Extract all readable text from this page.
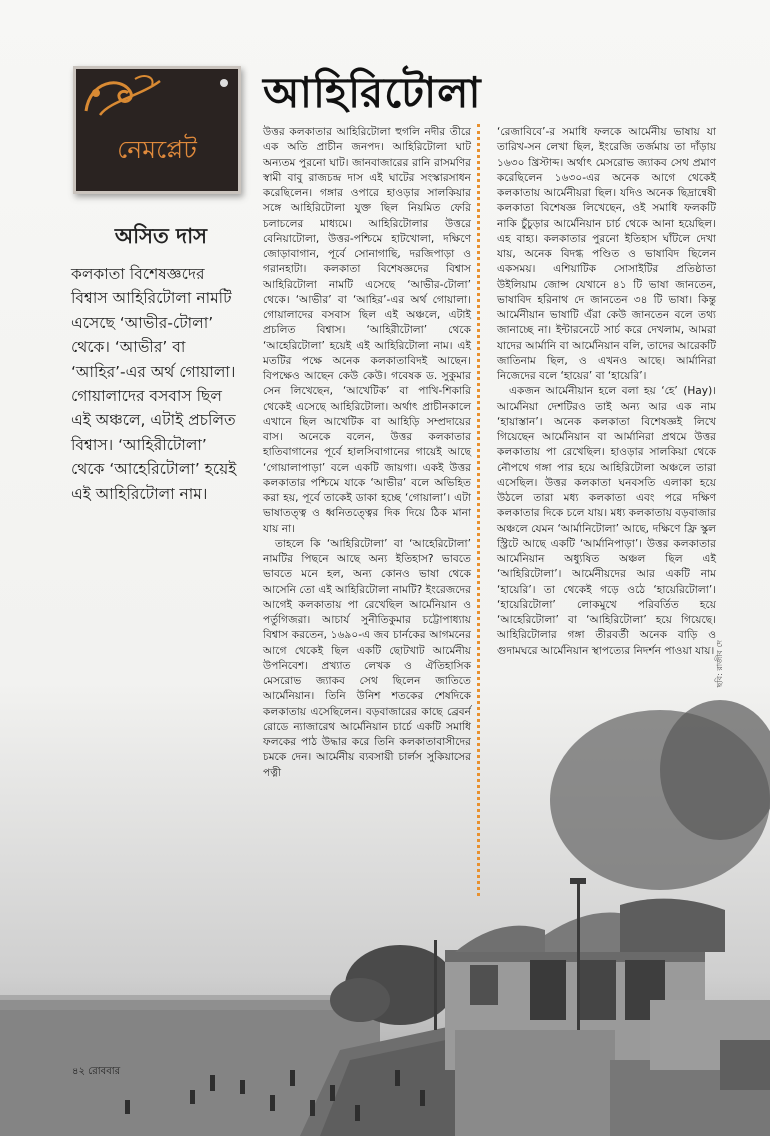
নেমপ্লেট
অসিত দাস
আহিরিটোলা
কলকাতা বিশেষজ্ঞদের বিশ্বাস আহিরিটোলা নামটি এসেছে ‘আভীর-টোলা’ থেকে। ‘আভীর’ বা ‘আহির’-এর অর্থ গোয়ালা। গোয়ালাদের বসবাস ছিল এই অঞ্চলে, এটাই প্রচলিত বিশ্বাস। ‘আহিরীটোলা’ থেকে ‘আহেরিটোলা’ হয়েই এই আহিরিটোলা নাম।

উত্তর কলকাতার আহিরিটোলা হুগলি নদীর তীরে এক অতি প্রাচীন জনপদ। আহিরিটোলা ঘাট অন্যতম পুরনো ঘাট। জানবাজারের রানি রাসমণির স্বামী বাবু রাজচন্দ্র দাস এই ঘাটের সংস্কারসাধন করেছিলেন। গঙ্গার ওপারে হাওড়ার সালকিয়ার সঙ্গে আহিরিটোলা যুক্ত ছিল নিয়মিত ফেরি চলাচলের মাধ্যমে। আহিরিটোলার উত্তরে বেনিয়াটোলা, উত্তর-পশ্চিমে হাটখোলা, দক্ষিণে জোড়াবাগান, পূর্বে সোনাগাছি, দরজিপাড়া ও গরানহাটা। কলকাতা বিশেষজ্ঞদের বিশ্বাস আহিরিটোলা নামটি এসেছে ‘আভীর-টোলা’ থেকে। ‘আভীর’ বা ‘আহির’-এর অর্থ গোয়ালা। গোয়ালাদের বসবাস ছিল এই অঞ্চলে, এটাই প্রচলিত বিশ্বাস। ‘আহিরীটোলা’ থেকে ‘আহেরিটোলা’ হয়েই এই আহিরিটোলা নাম। এই মতটির পক্ষে অনেক কলকাতাবিদই আছেন। বিপক্ষেও আছেন কেউ কেউ। গবেষক ড. সুকুমার সেন লিখেছেন, ‘আখেটিক’ বা পাখি-শিকারি থেকেই এসেছে আহিরিটোলা। অর্থাৎ প্রাচীনকালে এখানে ছিল আখেটিক বা আহিড়ি সম্প্রদায়ের বাস। অনেকে বলেন, উত্তর কলকাতার হাতিবাগানের পূর্বে হালসিবাগানের গায়েই আছে ‘গোয়ালাপাড়া’ বলে একটি জায়গা। একই উত্তর কলকাতার পশ্চিমে যাকে ‘আভীর’ বলে অভিহিত করা হয়, পূর্বে তাকেই ডাকা হচ্ছে ‘গোয়ালা’। এটা ভাষাতত্ত্ব ও ধ্বনিতত্ত্বের দিক দিয়ে ঠিক মানা যায় না।

তাহলে কি ‘আহিরিটোলা’ বা ‘আহেরিটোলা’ নামটির পিছনে আছে অন্য ইতিহাস? ভাবতে ভাবতে মনে হল, অন্য কোনও ভাষা থেকে আসেনি তো এই আহিরিটোলা নামটি? ইংরেজদের আগেই কলকাতায় পা রেখেছিল আর্মেনিয়ান ও পর্তুগিজরা। আচার্য সুনীতিকুমার চট্টোপাধ্যায় বিশ্বাস করতেন, ১৬৯০-এ জব চার্নকের আগমনের আগে থেকেই ছিল একটি ছোটখাট আর্মেনীয় উপনিবেশ। প্রখ্যাত লেখক ও ঐতিহাসিক মেসরোভ জ্যাকব সেথ ছিলেন জাতিতে আর্মেনিয়ান। তিনি উনিশ শতকের শেষদিকে কলকাতায় এসেছিলেন। বড়বাজারের কাছে ব্রেবর্ন রোডে ন্যাজারেথ আর্মেনিয়ান চার্চে একটি সমাধি ফলকের পাঠ উদ্ধার করে তিনি কলকাতাবাসীদের চমকে দেন। আর্মেনীয় ব্যবসায়ী চার্লস সুকিয়াসের পত্নী

‘রেজাবিবে’-র সমাধি ফলকে আর্মেনীয় ভাষায় যা তারিখ-সন লেখা ছিল, ইংরেজি তর্জমায় তা দাঁড়ায় ১৬৩০ খ্রিস্টাব্দ। অর্থাৎ মেসরোভ জ্যাকব সেথ প্রমাণ করেছিলেন ১৬৩০-এর অনেক আগে থেকেই কলকাতায় আর্মেনীয়রা ছিল। যদিও অনেক ছিদ্রান্বেষী কলকাতা বিশেষজ্ঞ লিখেছেন, ওই সমাধি ফলকটি নাকি চুঁচুড়ার আর্মেনিয়ান চার্চ থেকে আনা হয়েছিল। এহ বাহ্য। কলকাতার পুরনো ইতিহাস ঘাঁটলে দেখা যায়, অনেক বিদগ্ধ পণ্ডিত ও ভাষাবিদ ছিলেন একসময়। এশিয়াটিক সোসাইটির প্রতিষ্ঠাতা উইলিয়াম জোন্স যেখানে ৪১ টি ভাষা জানতেন, ভাষাবিদ হরিনাথ দে জানতেন ৩৪ টি ভাষা। কিন্তু আর্মেনীয়ান ভাষাটি এঁরা কেউ জানতেন বলে তথ্য জানাচ্ছে না। ইন্টারনেটে সার্চ করে দেখলাম, আমরা যাদের আর্মানি বা আর্মেনিয়ান বলি, তাদের আরেকটি জাতিনাম ছিল, ও এখনও আছে। আর্মানিরা নিজেদের বলে ‘হায়ের’ বা ‘হায়েরি’।

একজন আর্মেনীয়ান হলে বলা হয় ‘হে’ (Hay)। আর্মেনিয়া দেশটিরও তাই অন্য আর এক নাম ‘হায়াস্তান’। অনেক কলকাতা বিশেষজ্ঞই লিখে গিয়েছেন আর্মেনিয়ান বা আর্মানিরা প্রথমে উত্তর কলকাতায় পা রেখেছিল। হাওড়ার সালকিয়া থেকে নৌপথে গঙ্গা পার হয়ে আহিরিটোলা অঞ্চলে তারা এসেছিল। উত্তর কলকাতা ঘনবসতি এলাকা হয়ে উঠলে তারা মধ্য কলকাতা এবং পরে দক্ষিণ কলকাতার দিকে চলে যায়। মধ্য কলকাতায় বড়বাজার অঞ্চলে যেমন ‘আর্মানিটোলা’ আছে, দক্ষিণে ফ্রি স্কুল স্ট্রিটে আছে একটি ‘আর্মানিপাড়া’। উত্তর কলকাতার আর্মেনিয়ান অধ্যুষিত অঞ্চল ছিল এই ‘আহিরিটোলা’। আর্মেনীয়দের আর একটি নাম ‘হায়েরি’। তা থেকেই গড়ে ওঠে ‘হায়েরিটোলা’। ‘হায়েরিটোলা’ লোকমুখে পরিবর্তিত হয়ে ‘আহেরিটোলা’ বা ‘আহিরিটোলা’ হয়ে গিয়েছে। আহিরিটোলার গঙ্গা তীরবর্তী অনেক বাড়ি ও গুদামঘরে আর্মেনিয়ান স্থাপত্যের নিদর্শন পাওয়া যায়। ছবি: রাজীব দে
৪২ রোববার
